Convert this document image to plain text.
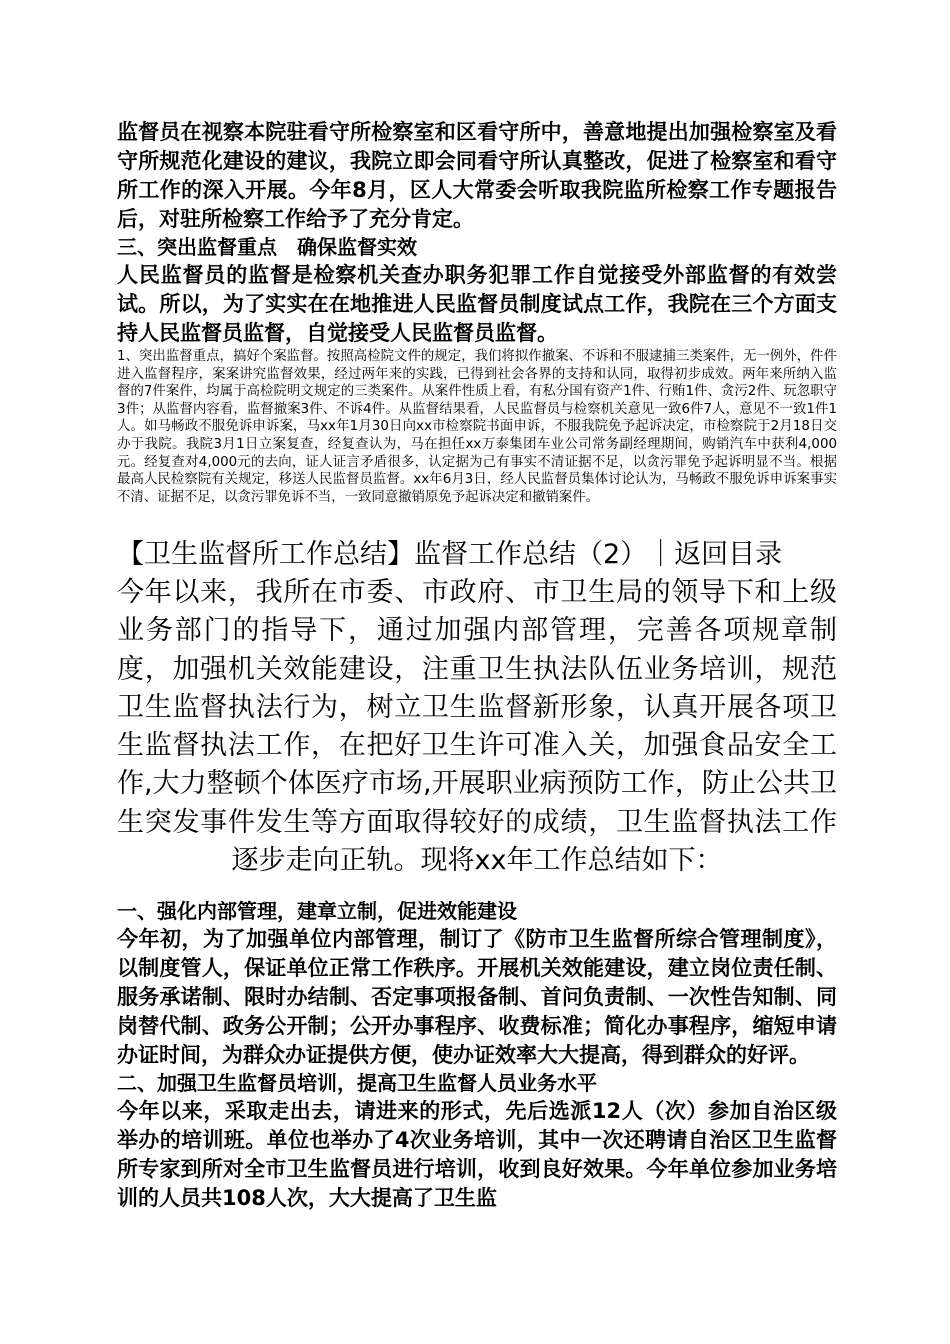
监督员在视察本院驻看守所检察室和区看守所中，善意地提出加强检察室及看守所规范化建设的建议，我院立即会同看守所认真整改，促进了检察室和看守所工作的深入开展。今年8月，区人大常委会听取我院监所检察工作专题报告后，对驻所检察工作给予了充分肯定。

三、突出监督重点　确保监督实效

人民监督员的监督是检察机关查办职务犯罪工作自觉接受外部监督的有效尝试。所以，为了实实在在地推进人民监督员制度试点工作，我院在三个方面支持人民监督员监督，自觉接受人民监督员监督。

1、突出监督重点，搞好个案监督。按照高检院文件的规定，我们将拟作撤案、不诉和不服逮捕三类案件，无一例外，件件进入监督程序，案案讲究监督效果，经过两年来的实践，已得到社会各界的支持和认同，取得初步成效。两年来所纳入监督的7件案件，均属于高检院明文规定的三类案件。从案件性质上看，有私分国有资产1件、行贿1件、贪污2件、玩忽职守3件；从监督内容看，监督撤案3件、不诉4件。从监督结果看，人民监督员与检察机关意见一致6件7人，意见不一致1件1人。如马畅政不服免诉申诉案，马xx年1月30日向xx市检察院书面申诉，不服我院免予起诉决定，市检察院于2月18日交办于我院。我院3月1日立案复查，经复查认为，马在担任xx万泰集团车业公司常务副经理期间，购销汽车中获利4,000元。经复查对4,000元的去向，证人证言矛盾很多，认定据为己有事实不清证据不足，以贪污罪免予起诉明显不当。根据最高人民检察院有关规定，移送人民监督员监督。xx年6月3日，经人民监督员集体讨论认为，马畅政不服免诉申诉案事实不清、证据不足，以贪污罪免诉不当，一致同意撤销原免予起诉决定和撤销案件。

【卫生监督所工作总结】监督工作总结（2）｜返回目录

今年以来，我所在市委、市政府、市卫生局的领导下和上级业务部门的指导下，通过加强内部管理，完善各项规章制度，加强机关效能建设，注重卫生执法队伍业务培训，规范卫生监督执法行为，树立卫生监督新形象，认真开展各项卫生监督执法工作，在把好卫生许可准入关，加强食品安全工作,大力整顿个体医疗市场,开展职业病预防工作，防止公共卫生突发事件发生等方面取得较好的成绩，卫生监督执法工作逐步走向正轨。现将xx年工作总结如下：

一、强化内部管理，建章立制，促进效能建设

今年初，为了加强单位内部管理，制订了《防市卫生监督所综合管理制度》，以制度管人，保证单位正常工作秩序。开展机关效能建设，建立岗位责任制、服务承诺制、限时办结制、否定事项报备制、首问负责制、一次性告知制、同岗替代制、政务公开制；公开办事程序、收费标准；简化办事程序，缩短申请办证时间，为群众办证提供方便，使办证效率大大提高，得到群众的好评。

二、加强卫生监督员培训，提高卫生监督人员业务水平

今年以来，采取走出去，请进来的形式，先后选派12人（次）参加自治区级举办的培训班。单位也举办了4次业务培训，其中一次还聘请自治区卫生监督所专家到所对全市卫生监督员进行培训，收到良好效果。今年单位参加业务培训的人员共108人次，大大提高了卫生监
